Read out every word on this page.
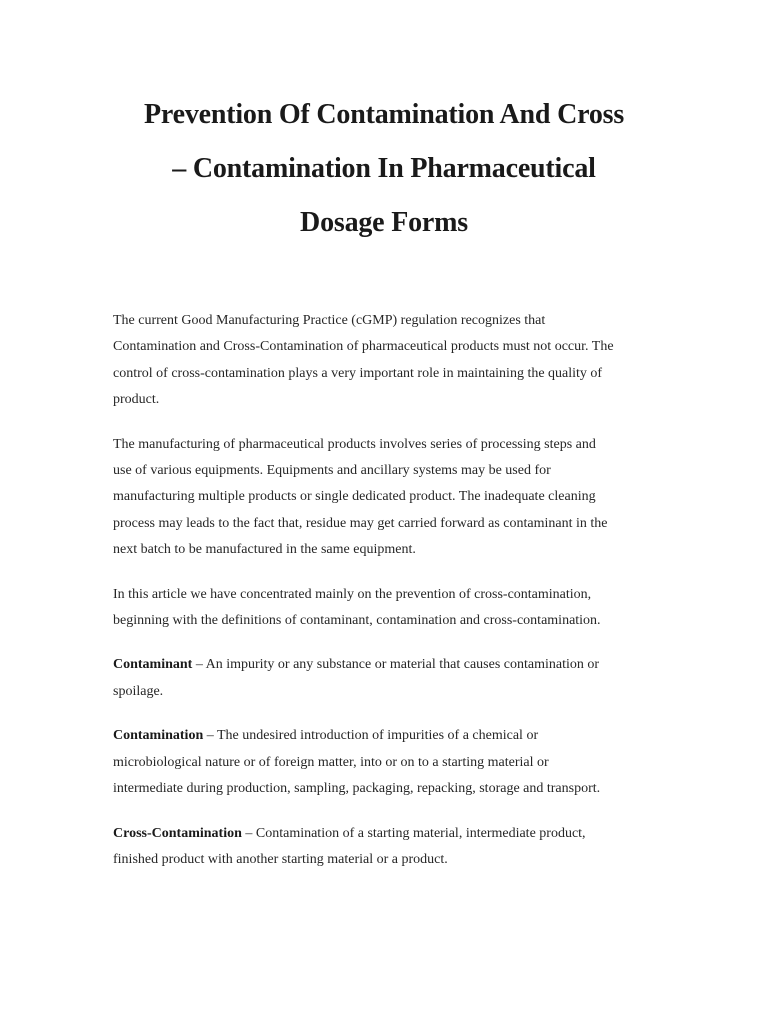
Prevention Of Contamination And Cross
– Contamination In Pharmaceutical
Dosage Forms

The current Good Manufacturing Practice (cGMP) regulation recognizes that
Contamination and Cross-Contamination of pharmaceutical products must not occur. The
control of cross-contamination plays a very important role in maintaining the quality of
product.

The manufacturing of pharmaceutical products involves series of processing steps and
use of various equipments. Equipments and ancillary systems may be used for
manufacturing multiple products or single dedicated product. The inadequate cleaning
process may leads to the fact that, residue may get carried forward as contaminant in the
next batch to be manufactured in the same equipment.

In this article we have concentrated mainly on the prevention of cross-contamination,
beginning with the definitions of contaminant, contamination and cross-contamination.

Contaminant – An impurity or any substance or material that causes contamination or
spoilage.

Contamination – The undesired introduction of impurities of a chemical or
microbiological nature or of foreign matter, into or on to a starting material or
intermediate during production, sampling, packaging, repacking, storage and transport.

Cross-Contamination – Contamination of a starting material, intermediate product,
finished product with another starting material or a product.
